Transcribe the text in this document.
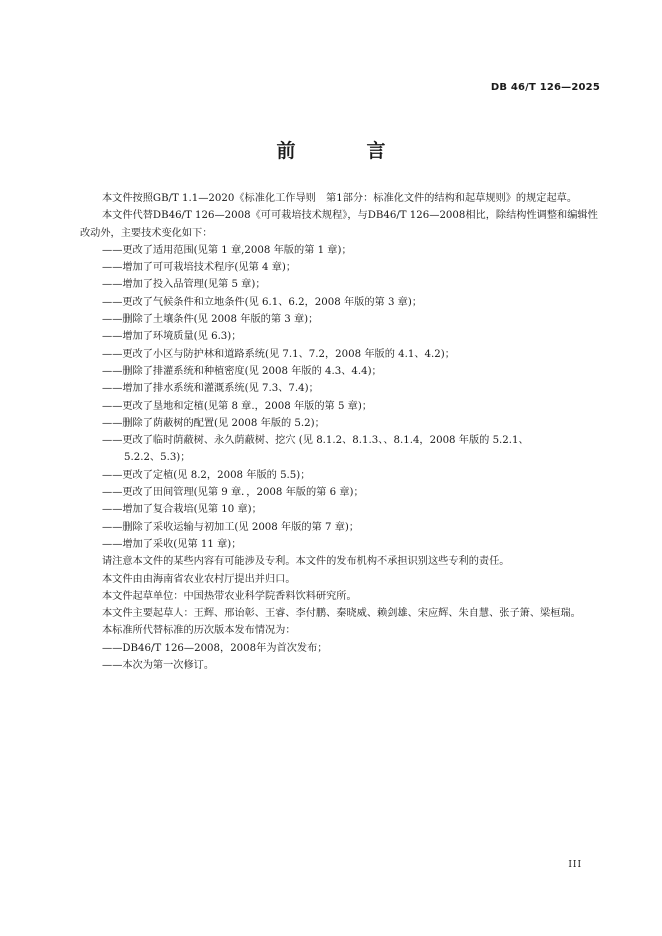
DB 46/T 126—2025
前　言

本文件按照GB/T 1.1—2020《标准化工作导则　第1部分：标准化文件的结构和起草规则》的规定起草。

本文件代替DB46/T 126—2008《可可栽培技术规程》，与DB46/T 126—2008相比，除结构性调整和编辑性改动外，主要技术变化如下：

——更改了适用范围(见第 1 章,2008 年版的第 1 章)；

——增加了可可栽培技术程序(见第 4 章)；

——增加了投入品管理(见第 5 章)；

——更改了气候条件和立地条件(见 6.1、6.2，2008 年版的第 3 章)；

——删除了土壤条件(见 2008 年版的第 3 章)；

——增加了环境质量(见 6.3)；

——更改了小区与防护林和道路系统(见 7.1、7.2，2008 年版的 4.1、4.2)；

——删除了排灌系统和种植密度(见 2008 年版的 4.3、4.4)；

——增加了排水系统和灌溉系统(见 7.3、7.4)；

——更改了垦地和定植(见第 8 章.，2008 年版的第 5 章)；

——删除了荫蔽树的配置(见 2008 年版的 5.2)；

——更改了临时荫蔽树、永久荫蔽树、挖穴 (见 8.1.2、8.1.3、、8.1.4，2008 年版的 5.2.1、

5.2.2、5.3)；

——更改了定植(见 8.2，2008 年版的 5.5)；

——更改了田间管理(见第 9 章．，2008 年版的第 6 章)；

——增加了复合栽培(见第 10 章)；

——删除了采收运输与初加工(见 2008 年版的第 7 章)；

——增加了采收(见第 11 章)；

请注意本文件的某些内容有可能涉及专利。本文件的发布机构不承担识别这些专利的责任。

本文件由由海南省农业农村厅提出并归口。

本文件起草单位：中国热带农业科学院香料饮料研究所。

本文件主要起草人：王辉、邢诒彰、王睿、李付鹏、秦晓威、赖剑雄、宋应辉、朱自慧、张子箫、梁桓瑞。

本标准所代替标准的历次版本发布情况为：

——DB46/T 126—2008，2008年为首次发布；

——本次为第一次修订。

III
